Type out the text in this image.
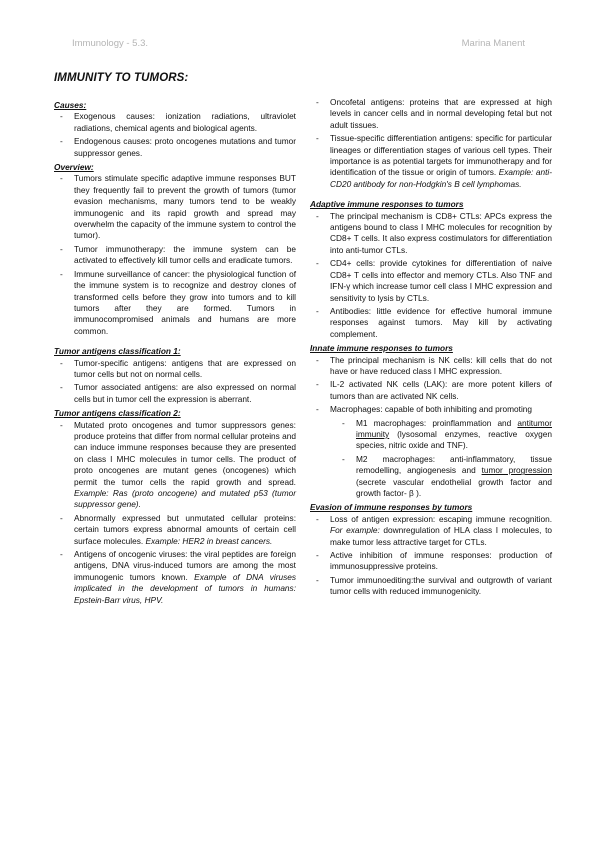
Immunology - 5.3.	Marina Manent
IMMUNITY TO TUMORS:
Causes:
- Exogenous causes: ionization radiations, ultraviolet radiations, chemical agents and biological agents.
- Endogenous causes: proto oncogenes mutations and tumor suppressor genes.
Overview:
- Tumors stimulate specific adaptive immune responses BUT they frequently fail to prevent the growth of tumors (tumor evasion mechanisms, many tumors tend to be weakly immunogenic and its rapid growth and spread may overwhelm the capacity of the immune system to control the tumor).
- Tumor immunotherapy: the immune system can be activated to effectively kill tumor cells and eradicate tumors.
- Immune surveillance of cancer: the physiological function of the immune system is to recognize and destroy clones of transformed cells before they grow into tumors and to kill tumors after they are formed. Tumors in immunocompromised animals and humans are more common.
Tumor antigens classification 1:
- Tumor-specific antigens: antigens that are expressed on tumor cells but not on normal cells.
- Tumor associated antigens: are also expressed on normal cells but in tumor cell the expression is aberrant.
Tumor antigens classification 2:
- Mutated proto oncogenes and tumor suppressors genes: produce proteins that differ from normal cellular proteins and can induce immune responses because they are presented on class I MHC molecules in tumor cells. The product of proto oncogenes are mutant genes (oncogenes) which permit the tumor cells the rapid growth and spread. Example: Ras (proto oncogene) and mutated p53 (tumor suppressor gene).
- Abnormally expressed but unmutated cellular proteins: certain tumors express abnormal amounts of certain cell surface molecules. Example: HER2 in breast cancers.
- Antigens of oncogenic viruses: the viral peptides are foreign antigens, DNA virus-induced tumors are among the most immunogenic tumors known. Example of DNA viruses implicated in the development of tumors in humans: Epstein-Barr virus, HPV.
- Oncofetal antigens: proteins that are expressed at high levels in cancer cells and in normal developing fetal but not adult tissues.
- Tissue-specific differentiation antigens: specific for particular lineages or differentiation stages of various cell types. Their importance is as potential targets for immunotherapy and for identification of the tissue or origin of tumors. Example: anti-CD20 antibody for non-Hodgkin's B cell lymphomas.
Adaptive immune responses to tumors
- The principal mechanism is CD8+ CTLs: APCs express the antigens bound to class I MHC molecules for recognition by CD8+ T cells. It also express costimulators for differentiation into anti-tumor CTLs.
- CD4+ cells: provide cytokines for differentiation of naive CD8+ T cells into effector and memory CTLs. Also TNF and IFN-γ which increase tumor cell class I MHC expression and sensitivity to lysis by CTLs.
- Antibodies: little evidence for effective humoral immune responses against tumors. May kill by activating complement.
Innate immune responses to tumors
- The principal mechanism is NK cells: kill cells that do not have or have reduced class I MHC expression.
- IL-2 activated NK cells (LAK): are more potent killers of tumors than are activated NK cells.
- Macrophages: capable of both inhibiting and promoting
- M1 macrophages: proinflammation and antitumor immunity (lysosomal enzymes, reactive oxygen species, nitric oxide and TNF).
- M2 macrophages: anti-inflammatory, tissue remodelling, angiogenesis and tumor progression (secrete vascular endothelial growth factor and growth factor- β ).
Evasion of immune responses by tumors
- Loss of antigen expression: escaping immune recognition. For example: downregulation of HLA class I molecules, to make tumor less attractive target for CTLs.
- Active inhibition of immune responses: production of immunosuppressive proteins.
- Tumor immunoediting:the survival and outgrowth of variant tumor cells with reduced immunogenicity.
